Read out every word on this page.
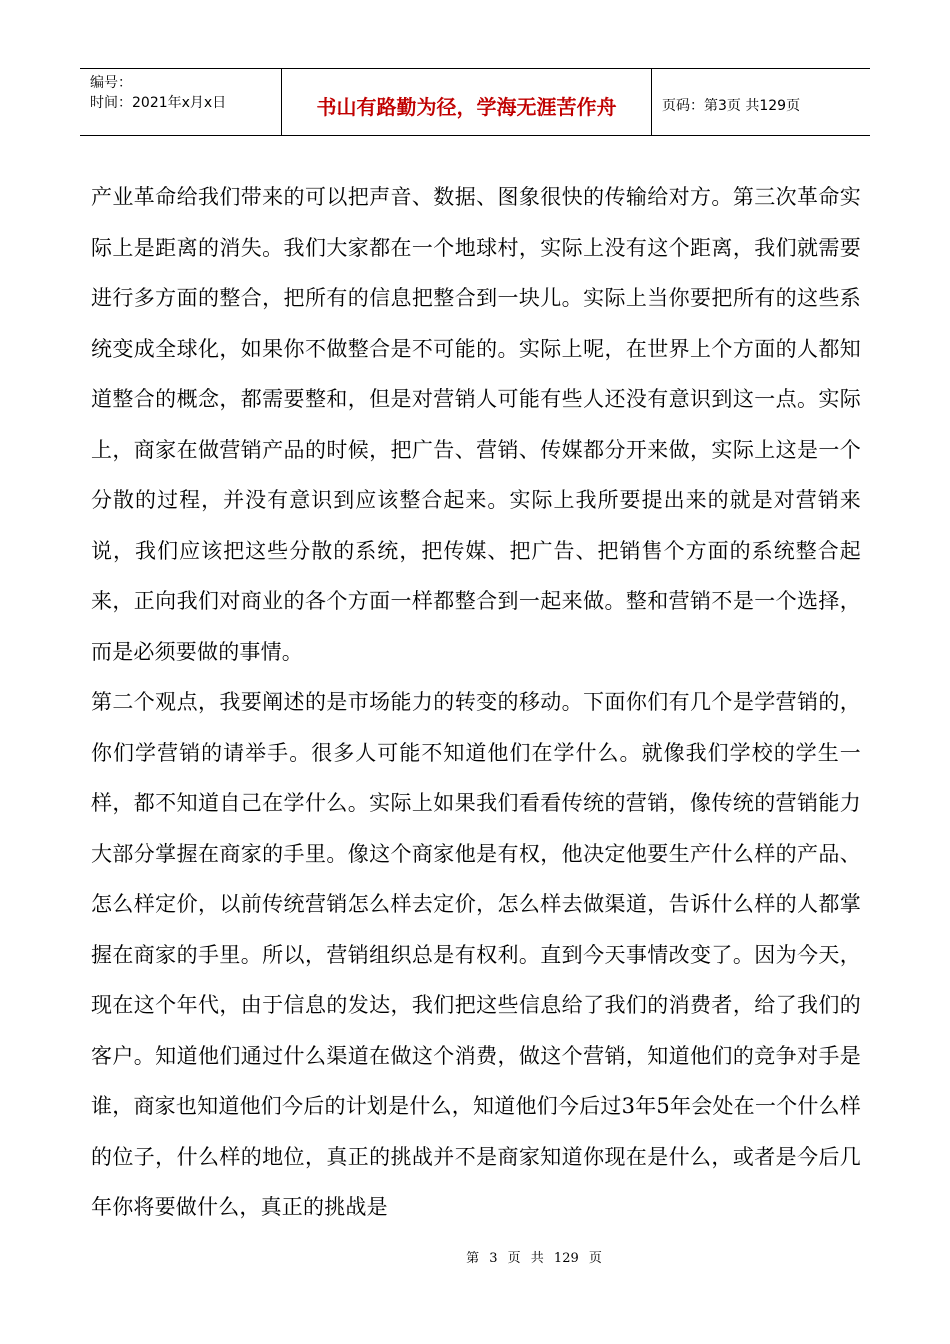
编号：
时间：2021年x月x日	书山有路勤为径，学海无涯苦作舟	页码：第3页 共129页

产业革命给我们带来的可以把声音、数据、图象很快的传输给对方。第三次革命实际上是距离的消失。我们大家都在一个地球村，实际上没有这个距离，我们就需要进行多方面的整合，把所有的信息把整合到一块儿。实际上当你要把所有的这些系统变成全球化，如果你不做整合是不可能的。实际上呢，在世界上个方面的人都知道整合的概念，都需要整和，但是对营销人可能有些人还没有意识到这一点。实际上，商家在做营销产品的时候，把广告、营销、传媒都分开来做，实际上这是一个分散的过程，并没有意识到应该整合起来。实际上我所要提出来的就是对营销来说，我们应该把这些分散的系统，把传媒、把广告、把销售个方面的系统整合起来，正向我们对商业的各个方面一样都整合到一起来做。整和营销不是一个选择，而是必须要做的事情。

第二个观点，我要阐述的是市场能力的转变的移动。下面你们有几个是学营销的，你们学营销的请举手。很多人可能不知道他们在学什么。就像我们学校的学生一样，都不知道自己在学什么。实际上如果我们看看传统的营销，像传统的营销能力大部分掌握在商家的手里。像这个商家他是有权，他决定他要生产什么样的产品、怎么样定价，以前传统营销怎么样去定价，怎么样去做渠道，告诉什么样的人都掌握在商家的手里。所以，营销组织总是有权利。直到今天事情改变了。因为今天，现在这个年代，由于信息的发达，我们把这些信息给了我们的消费者，给了我们的客户。知道他们通过什么渠道在做这个消费，做这个营销，知道他们的竞争对手是谁，商家也知道他们今后的计划是什么，知道他们今后过3年5年会处在一个什么样的位子，什么样的地位，真正的挑战并不是商家知道你现在是什么，或者是今后几年你将要做什么，真正的挑战是

第 3 页 共 129 页
